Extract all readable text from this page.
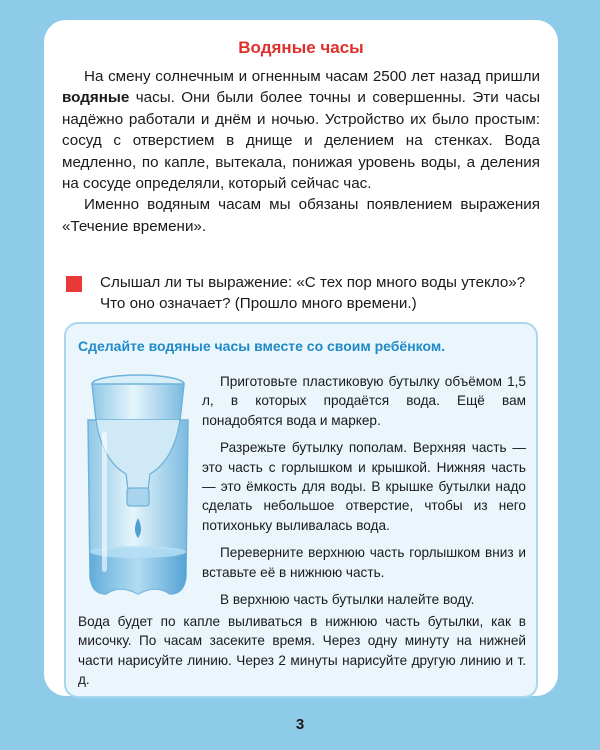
Водяные часы

На смену солнечным и огненным часам 2500 лет назад пришли водяные часы. Они были более точны и совершенны. Эти часы надёжно работали и днём и ночью. Устройство их было простым: сосуд с отверстием в днище и делением на стенках. Вода медленно, по капле, вытекала, понижая уровень воды, а деления на сосуде определяли, который сейчас час.

Именно водяным часам мы обязаны появлением выражения «Течение времени».

Слышал ли ты выражение: «С тех пор много воды утекло»?
Что оно означает? (Прошло много времени.)

Сделайте водяные часы вместе со своим ребёнком.

Приготовьте пластиковую бутылку объёмом 1,5 л, в которых продаётся вода. Ещё вам понадобятся вода и маркер.

Разрежьте бутылку пополам. Верхняя часть — это часть с горлышком и крышкой. Нижняя часть — это ёмкость для воды. В крышке бутылки надо сделать небольшое отверстие, чтобы из него потихоньку выливалась вода.

Переверните верхнюю часть горлышком вниз и вставьте её в нижнюю часть.

В верхнюю часть бутылки налейте воду.

Вода будет по капле выливаться в нижнюю часть бутылки, как в мисочку. По часам засеките время. Через одну минуту на нижней части нарисуйте линию. Через 2 минуты нарисуйте другую линию и т. д.

3
